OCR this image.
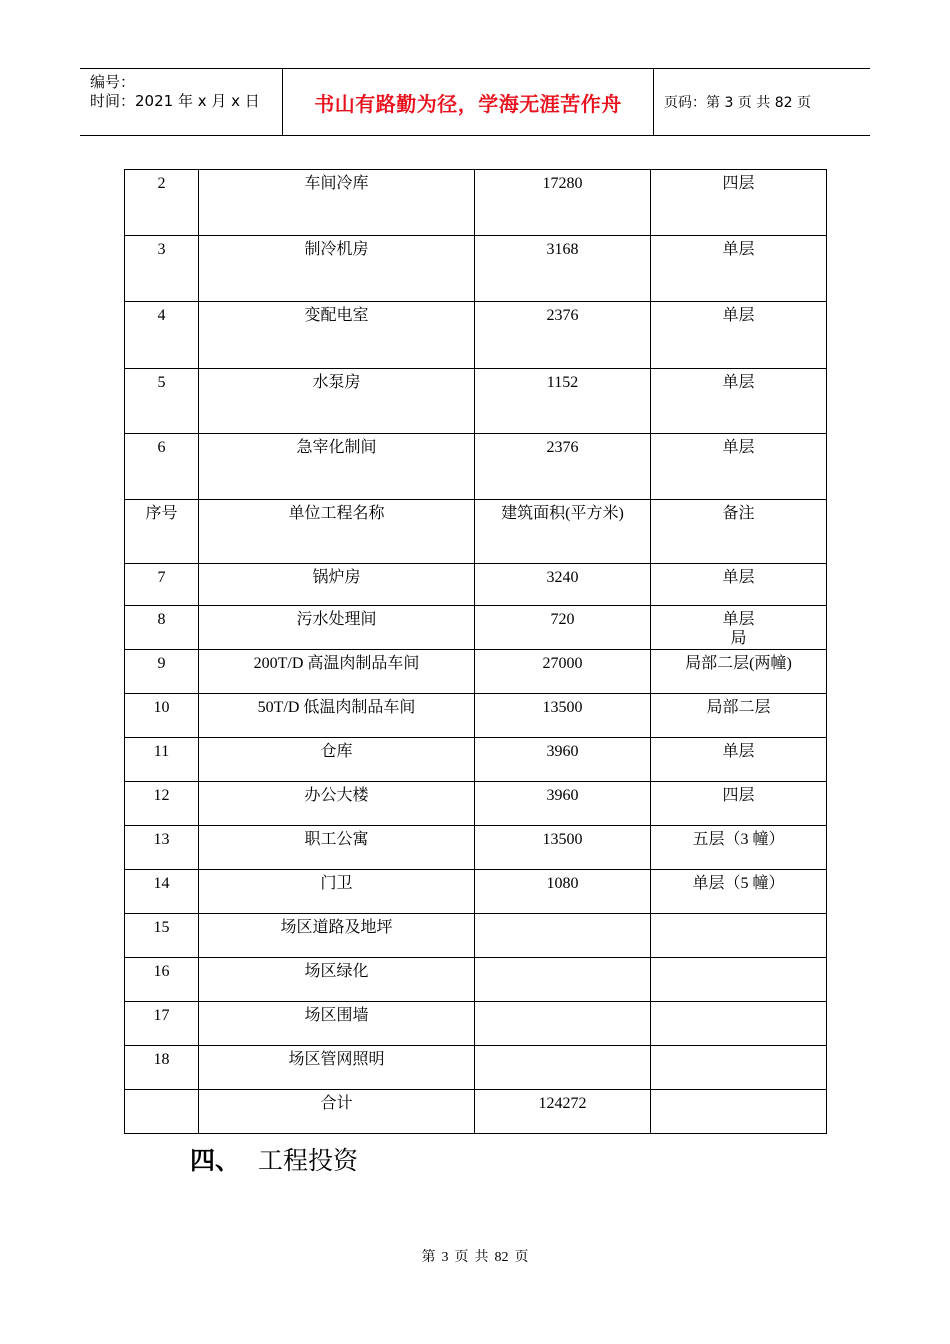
编号：
时间：2021 年 x 月 x 日	书山有路勤为径，学海无涯苦作舟	页码：第 3 页 共 82 页
2	车间冷库	17280	四层
3	制冷机房	3168	单层
4	变配电室	2376	单层
5	水泵房	1152	单层
6	急宰化制间	2376	单层
序号	单位工程名称	建筑面积(平方米)	备注
7	锅炉房	3240	单层
8	污水处理间	720	单层
局

9	200T/D 高温肉制品车间	27000	局部二层(两幢)
10	50T/D 低温肉制品车间	13500	局部二层
11	仓库	3960	单层
12	办公大楼	3960	四层
13	职工公寓	13500	五层（3 幢）
14	门卫	1080	单层（5 幢）
15	场区道路及地坪		
16	场区绿化		
17	场区围墙		
18	场区管网照明		
	合计	124272	
四、 工程投资
第 3 页 共 82 页
